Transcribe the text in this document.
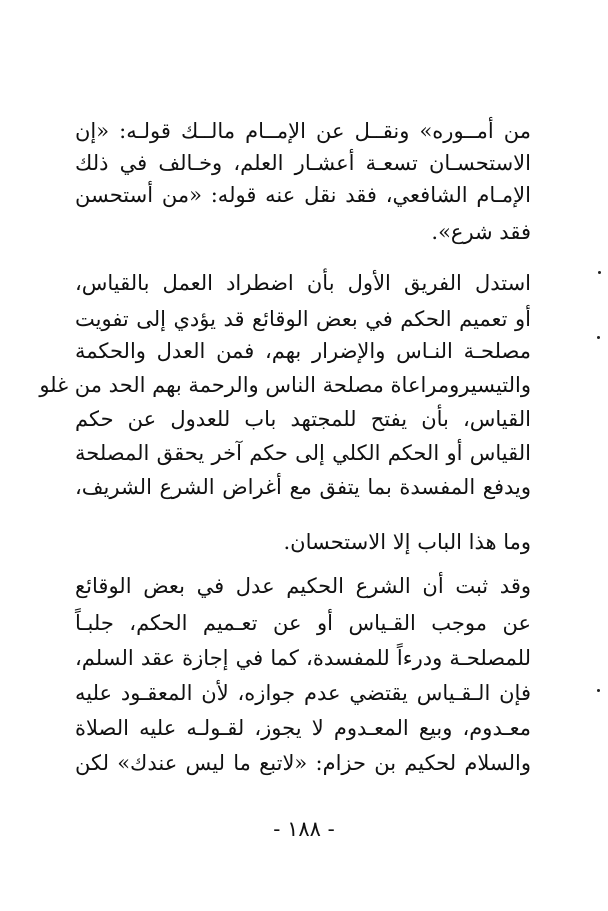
من أمــوره» ونقــل عن الإمــام مالــك قولـه: «إن
الاستحسـان تسعـة أعشـار العلم، وخـالف في ذلك
الإمـام الشافعي، فقد نقل عنه قوله: «من أستحسن
فقد شرع».
استدل الفريق الأول بأن اضطراد العمل بالقياس،
أو تعميم الحكم في بعض الوقائع قد يؤدي إلى تفويت
مصلحـة النـاس والإضرار بهم، فمن العدل والحكمة
والتيسيرومراعاة مصلحة الناس والرحمة بهم الحد من غلو
القياس، بأن يفتح للمجتهد باب للعدول عن حكم
القياس أو الحكم الكلي إلى حكم آخر يحقق المصلحة
ويدفع المفسدة بما يتفق مع أغراض الشرع الشريف،
وما هذا الباب إلا الاستحسان.
وقد ثبت أن الشرع الحكيم عدل في بعض الوقائع
عن موجب القـياس أو عن تعـميم الحكم، جلبـاً
للمصلحـة ودرءاً للمفسدة، كما في إجازة عقد السلم،
فإن الـقـياس يقتضي عدم جوازه، لأن المعقـود عليه
معـدوم، وبيع المعـدوم لا يجوز، لقـولـه عليه الصلاة
والسلام لحكيم بن حزام: «لاتبع ما ليس عندك» لكن
- ١٨٨ -
